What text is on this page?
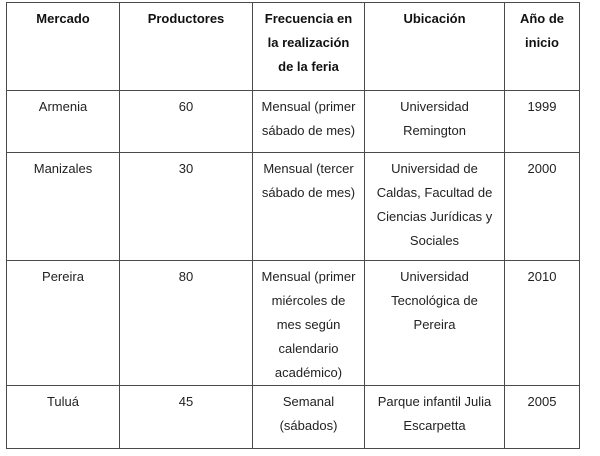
Mercado	Productores	Frecuencia en la realización de la feria	Ubicación	Año de inicio
Armenia	60	Mensual (primer sábado de mes)	Universidad Remington	1999
Manizales	30	Mensual (tercer sábado de mes)	Universidad de Caldas, Facultad de Ciencias Jurídicas y Sociales	2000
Pereira	80	Mensual (primer miércoles de mes según calendario académico)	Universidad Tecnológica de Pereira	2010
Tuluá	45	Semanal (sábados)	Parque infantil Julia Escarpetta	2005
